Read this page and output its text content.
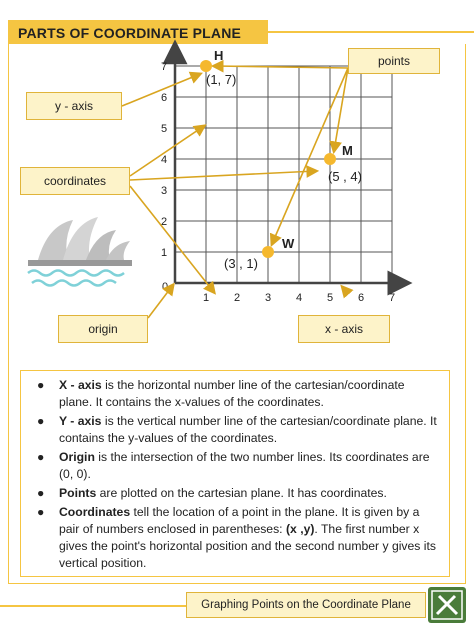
PARTS OF COORDINATE PLANE
1 2 3 4 5 6 7
1
2
3
4
5
6
7
0
H
(1, 7)
M
(5 , 4)
W
(3 , 1)
y - axis
coordinates
origin
points
x - axis
● X - axis is the horizontal number line of the cartesian/coordinate plane. It contains the x-values of the coordinates.
● Y - axis is the vertical number line of the cartesian/coordinate plane. It contains the y-values of the coordinates.
● Origin is the intersection of the two number lines. Its coordinates are (0, 0).
● Points are plotted on the cartesian plane. It has coordinates.
● Coordinates tell the location of a point in the plane. It is given by a pair of numbers enclosed in parentheses: (x ,y). The first number x gives the point's horizontal position and the second number y gives its vertical position.
Graphing Points on the Coordinate Plane
